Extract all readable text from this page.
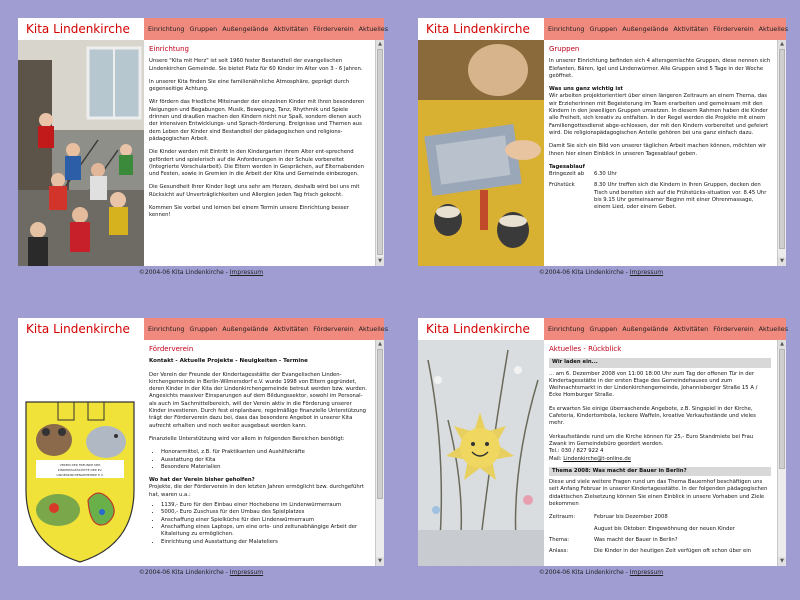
Kita Lindenkirche	Einrichtung Gruppen Außengelände Aktivitäten Förderverein Aktuelles
Einrichtung

Unsere "Kita mit Herz" ist seit 1960 fester Bestandteil der evangelischen Lindenkirchen Gemeinde. Sie bietet Platz für 60 Kinder im Alter von 3 - 6 Jahren.

In unserer Kita finden Sie eine familienähnliche Atmosphäre, geprägt durch gegenseitige Achtung.

Wir fördern das friedliche Miteinander der einzelnen Kinder mit ihren besonderen Neigungen und Begabungen. Musik, Bewegung, Tanz, Rhythmik und Spiele drinnen und draußen machen den Kindern nicht nur Spaß, sondern dienen auch der intensiven Entwicklungs- und Sprach-förderung. Ereignisse und Themen aus dem Leben der Kinder sind Bestandteil der pädagogischen und religions- pädagogischen Arbeit.

Die Kinder werden mit Eintritt in den Kindergarten ihrem Alter ent-sprechend gefördert und spielerisch auf die Anforderungen in der Schule vorbereitet (Integrierte Vorschularbeit). Die Eltern werden in Gesprächen, auf Elternabenden und Festen, sowie in Gremien in die Arbeit der Kita und Gemeinde einbezogen.

Die Gesundheit Ihrer Kinder liegt uns sehr am Herzen, deshalb wird bei uns mit Rücksicht auf Unverträglichkeiten und Allergien jeden Tag frisch gekocht.

Kommen Sie vorbei und lernen bei einem Termin unsere Einrichtung besser kennen!

▲
▼
©2004-06 Kita Lindenkirche - Impressum
Kita Lindenkirche	Einrichtung Gruppen Außengelände Aktivitäten Förderverein Aktuelles
Gruppen

In unserer Einrichtung befinden sich 4 altersgemischte Gruppen, diese nennen sich Elefanten, Bären, Igel und Lindenwürmer. Alle Gruppen sind 5 Tage in der Woche geöffnet.

Was uns ganz wichtig ist

Wir arbeiten projektorientiert über einen längeren Zeitraum an einem Thema, das wir Erzieherinnen mit Begeisterung im Team erarbeiten und gemeinsam mit den Kindern in den jeweiligen Gruppen umsetzen. In diesem Rahmen haben die Kinder alle Freiheit, sich kreativ zu entfalten. In der Regel werden die Projekte mit einem Familiengottesdienst abge-schlossen, der mit den Kindern vorbereitet und gefeiert wird. Die religionspädagogischen Anteile gehören bei uns ganz einfach dazu.

Damit Sie sich ein Bild von unserer täglichen Arbeit machen können, möchten wir Ihnen hier einen Einblick in unseren Tagesablauf geben.

Tagesablauf
Bringezeit ab	6.30 Uhr
Frühstück	8.30 Uhr treffen sich die Kindern in Ihren Gruppen, decken den Tisch und bereiten sich auf die Frühstücks-situation vor. 8.45 Uhr bis 9.15 Uhr gemeinsamer Beginn mit einer Ohrenmassage, einem Lied, oder einem Gebet.
▲
▼
©2004-06 Kita Lindenkirche - Impressum
Kita Lindenkirche	Einrichtung Gruppen Außengelände Aktivitäten Förderverein Aktuelles
VEREIN DER FREUNDE DER
KINDERTAGESSTÄTTE DER EV.
LINDENKIRCHENGEMEINDE E.V.
Förderverein
Kontakt - Aktuelle Projekte - Neuigkeiten - Termine

Der Verein der Freunde der Kindertagesstätte der Evangelischen Linden-kirchengemeinde in Berlin-Wilmersdorf e.V. wurde 1998 von Eltern gegründet, deren Kinder in der Kita der Lindenkirchengemeinde betreut werden bzw. wurden. Angesichts massiver Einsparungen auf dem Bildungssektor, sowohl im Personal- als auch im Sachmittelbereich, will der Verein aktiv in die Förderung unserer Kinder investieren. Durch fest einplanbare, regelmäßige finanzielle Unterstützung trägt der Förderverein dazu bei, dass das besondere Angebot in unserer Kita aufrecht erhalten und noch weiter ausgebaut werden kann.

Finanzielle Unterstützung wird vor allem in folgenden Bereichen benötigt:

• Honorarmittel, z.B. für Praktikanten und Aushilfskräfte
• Ausstattung der Kita
• Besondere Materialien
Wo hat der Verein bisher geholfen?

Projekte, die der Förderverein in den letzten Jahren ermöglicht bzw. durchgeführt hat, waren u.a.:

• 1139,- Euro für den Einbau einer Hochebene im Lindenwürmerraum
• 5000,- Euro Zuschuss für den Umbau des Spielplatzes
• Anschaffung einer Spielküche für den Lindenwürmerraum
• Anschaffung eines Laptops, um eine orts- und zeitunabhängige Arbeit der Kitaleitung zu ermöglichen.
• Einrichtung und Ausstattung der Malateliers
▲
▼
©2004-06 Kita Lindenkirche - Impressum
Kita Lindenkirche	Einrichtung Gruppen Außengelände Aktivitäten Förderverein Aktuelles
Aktuelles - Rückblick
Wir laden ein...

... am 6. Dezember 2008 von 11:00 18:00 Uhr zum Tag der offenen Tür in der Kindertagesstätte in der ersten Etage des Gemeindehauses und zum Weihnachtsmarkt in der Lindenkirchengemeinde, Johannisberger Straße 15 A / Ecke Homburger Straße.

Es erwarten Sie einige überraschende Angebote, z.B. Singspiel in der Kirche, Cafeteria, Kindertombola, leckere Waffeln, kreative Verkaufsstände und vieles mehr.

Verkaufsstände rund um die Kirche können für 25,- Euro Standmiete bei Frau Zwank im Gemeindebüro geordert werden.

Tel.: 030 / 827 922 4
Mail: Lindenkirche@t-online.de
Thema 2008: Was macht der Bauer in Berlin?

Diese und viele weitere Fragen rund um das Thema Bauernhof beschäftigen uns seit Anfang Februar in unserer Kindertagesstätte. In der folgenden pädagogischen didaktischen Zielsetzung können Sie einen Einblick in unsere Vorhaben und Ziele bekommen

Zeitraum:	Februar bis Dezember 2008
August bis Oktober: Eingewöhnung der neuen Kinder
Thema:	Was macht der Bauer in Berlin?
Anlass:	Die Kinder in der heutigen Zeit verfügen oft schon über ein
▲
▼
©2004-06 Kita Lindenkirche - Impressum
